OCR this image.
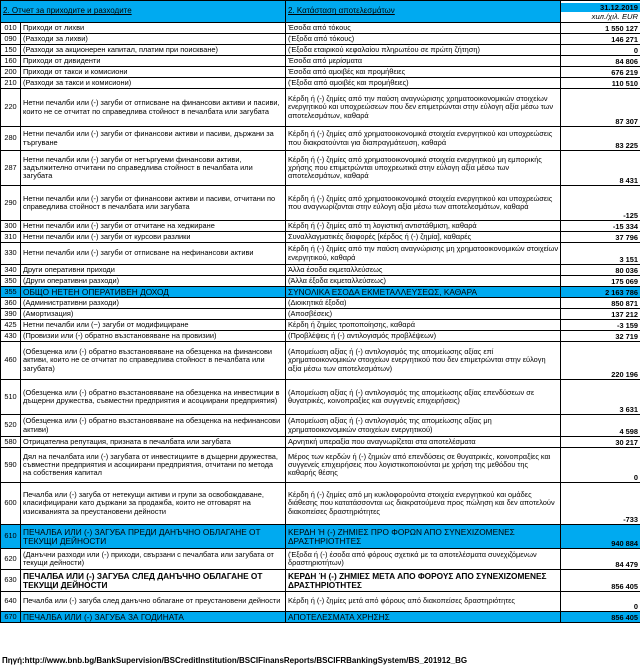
2. Отчет за приходите и разходите		2. Κατάσταση αποτελεσμάτων	31.12.2019
хил./χιλ. EUR

010	Приходи от лихви	Έσοδα από τόκους	1 550 127
090	(Разходи за лихви)	(Έξοδα από τόκους)	146 271
150	(Разходи за акционерен капитал, платим при поискване)	(Έξοδα εταιρικού κεφαλαίου πληρωτέου σε πρώτη ζήτηση)	0
160	Приходи от дивиденти	Έσοδα από μερίσματα	84 806
200	Приходи от такси и комисиони	Έσοδα από αμοιβές και προμήθειες	676 219
210	(Разходи за такси и комисиони)	(Έξοδα από αμοιβές και προμήθειες)	110 510
220	Нетни печалби или (-) загуби от отписване на финансови активи и пасиви, които не се отчитат по справедлива стойност в печалбата или загубата	Κέρδη ή (-) ζημίες από την παύση αναγνώρισης χρηματοοικονομικών στοιχείων ενεργητικού και υποχρεώσεων που δεν επιμετρώνται στην εύλογη αξία μέσω των αποτελεσμάτων, καθαρά	87 307
280	Нетни печалби или (-) загуби от финансови активи и пасиви, държани за търгуване	Κέρδη ή (-) ζημίες από χρηματοοικονομικά στοιχεία ενεργητικού και υποχρεώσεις που διακρατούνται για διαπραγμάτευση, καθαρά	83 225
287	Нетни печалби или (-) загуби от нетъргуеми финансови активи, задължително отчитани по справедлива стойност в печалбата или загубата	Κέρδη ή (-) ζημίες από χρηματοοικονομικά στοιχεία ενεργητικού μη εμπορικής χρήσης που επιμετρώνται υποχρεωτικά στην εύλογη αξία μέσω των αποτελεσμάτων, καθαρά	8 431
290	Нетни печалби или (-) загуби от финансови активи и пасиви, отчитани по справедлива стойност в печалбата или загубата	Κέρδη ή (-) ζημίες από χρηματοοικονομικά στοιχεία ενεργητικού και υποχρεώσεις που αναγνωρίζονται στην εύλογη αξία μέσω των αποτελεσμάτων, καθαρά	-125
300	Нетни печалби или (-) загуби от отчитане на хеджиране	Κέρδη ή (-) ζημίες από τη λογιστική αντιστάθμιση, καθαρά	-15 334
310	Нетни печалби или (-) загуби от курсови разлики	Συναλλαγματικές διαφορές [κέρδος ή (-) ζημία], καθαρές	37 796
330	Нетни печалби или (-) загуби от отписване на нефинансови активи	Κέρδη ή (-) ζημίες από την παύση αναγνώρισης μη χρηματοοικονομικών στοιχείων ενεργητικού, καθαρά	3 151
340	Други оперативни приходи	Άλλα έσοδα εκμεταλλεύσεως	80 036
350	(Други оперативни разходи)	(Άλλα έξοδα εκμεταλλεύσεως)	175 069
355	ОБЩО НЕТЕН ОПЕРАТИВЕН ДОХОД	ΣΥΝΟΛΙΚΑ ΕΣΟΔΑ ΕΚΜΕΤΑΛΛΕΥΣΕΩΣ, ΚΑΘΑΡΑ	2 163 786
360	(Административни разходи)	(Διοικητικά έξοδα)	850 871
390	(Амортизация)	(Αποσβέσεις)	137 212
425	Нетни печалби или (−) загуби от модифициране	Κέρδη ή ζημίες τροποποίησης, καθαρά	-3 159
430	(Провизии или (-) обратно възстановяване на провизии)	(Προβλέψεις ή (-) αντιλογισμός προβλέψεων)	32 719
460	(Обезценка или (-) обратно възстановяване на обезценка на финансови активи, които не се отчитат по справедлива стойност в печалбата или загубата)	(Απομείωση αξίας ή (-) αντιλογισμός της απομείωσης αξίας επί χρηματοοικονομικών στοιχείων ενεργητικού που δεν επιμετρώνται στην εύλογη αξία μέσω των αποτελεσμάτων)	220 196
510	(Обезценка или (-) обратно възстановяване на обезценка на инвестиции в дъщерни дружества, съвместни предприятия и асоциирани предприятия)	(Απομείωση αξίας ή (-) αντιλογισμός της απομείωσης αξίας επενδύσεων σε θυγατρικές, κοινοπραξίες και συγγενείς επιχειρήσεις)	3 631
520	(Обезценка или (-) обратно възстановяване на обезценка на нефинансови активи)	(Απομείωση αξίας ή (-) αντιλογισμός της απομείωσης αξίας μη χρηματοοικονομικών στοιχείων ενεργητικού)	4 598
580	Отрицателна репутация, призната в печалбата или загубата	Αρνητική υπεραξία που αναγνωρίζεται στα αποτελέσματα	30 217
590	Дял на печалбата или (-) загубата от инвестициите в дъщерни дружества, съвместни предприятия и асоциирани предприятия, отчитани по метода на собствения капитал	Μέρος των κερδών ή (-) ζημιών από επενδύσεις σε θυγατρικές, κοινοπραξίες και συγγενείς επιχειρήσεις που λογιστικοποιούνται με χρήση της μεθόδου της καθαρής θέσης	0
600	Печалба или (-) загуба от нетекущи активи и групи за освобождаване, класифицирани като държани за продажба, които не отговарят на изискванията за преустановени дейности	Κέρδη ή (-) ζημίες από μη κυκλοφορούντα στοιχεία ενεργητικού και ομάδες διάθεσης που κατατάσσονται ως διακρατούμενα προς πώληση και δεν αποτελούν διακοπείσες δραστηριότητες	-733
610	ПЕЧАЛБА ИЛИ (-) ЗАГУБА ПРЕДИ ДАНЪЧНО ОБЛАГАНЕ ОТ ТЕКУЩИ ДЕЙНОСТИ	ΚΕΡΔΗ Ή (-) ΖΗΜΙΕΣ ΠΡΟ ΦΟΡΩΝ ΑΠΟ ΣΥΝΕΧΙΖΟΜΕΝΕΣ ΔΡΑΣΤΗΡΙΟΤΗΤΕΣ	940 884
620	(Данъчни разходи или (-) приходи, свързани с печалбата или загубата от текущи дейности)	(Έξοδα ή (-) έσοδα από φόρους σχετικά με τα αποτελέσματα συνεχιζόμενων δραστηριοτήτων)	84 479
630	ПЕЧАЛБА ИЛИ (-) ЗАГУБА СЛЕД ДАНЪЧНО ОБЛАГАНЕ ОТ ТЕКУЩИ ДЕЙНОСТИ	ΚΕΡΔΗ Ή (-) ΖΗΜΙΕΣ ΜΕΤΑ ΑΠΟ ΦΟΡΟΥΣ ΑΠΟ ΣΥΝΕΧΙΖΟΜΕΝΕΣ ΔΡΑΣΤΗΡΙΟΤΗΤΕΣ	856 405
640	Печалба или (-) загуба след данъчно облагане от преустановени дейности	Κέρδη ή (-) ζημίες μετά από φόρους από διακοπείσες δραστηριότητες	0
670	ПЕЧАЛБА ИЛИ (-) ЗАГУБА ЗА ГОДИНАТА	ΑΠΟΤΕΛΕΣΜΑΤΑ ΧΡΗΣΗΣ	856 405
Пηγή:http://www.bnb.bg/BankSupervision/BSCreditInstitution/BSCIFinansReports/BSCIFRBankingSystem/BS_201912_BG
